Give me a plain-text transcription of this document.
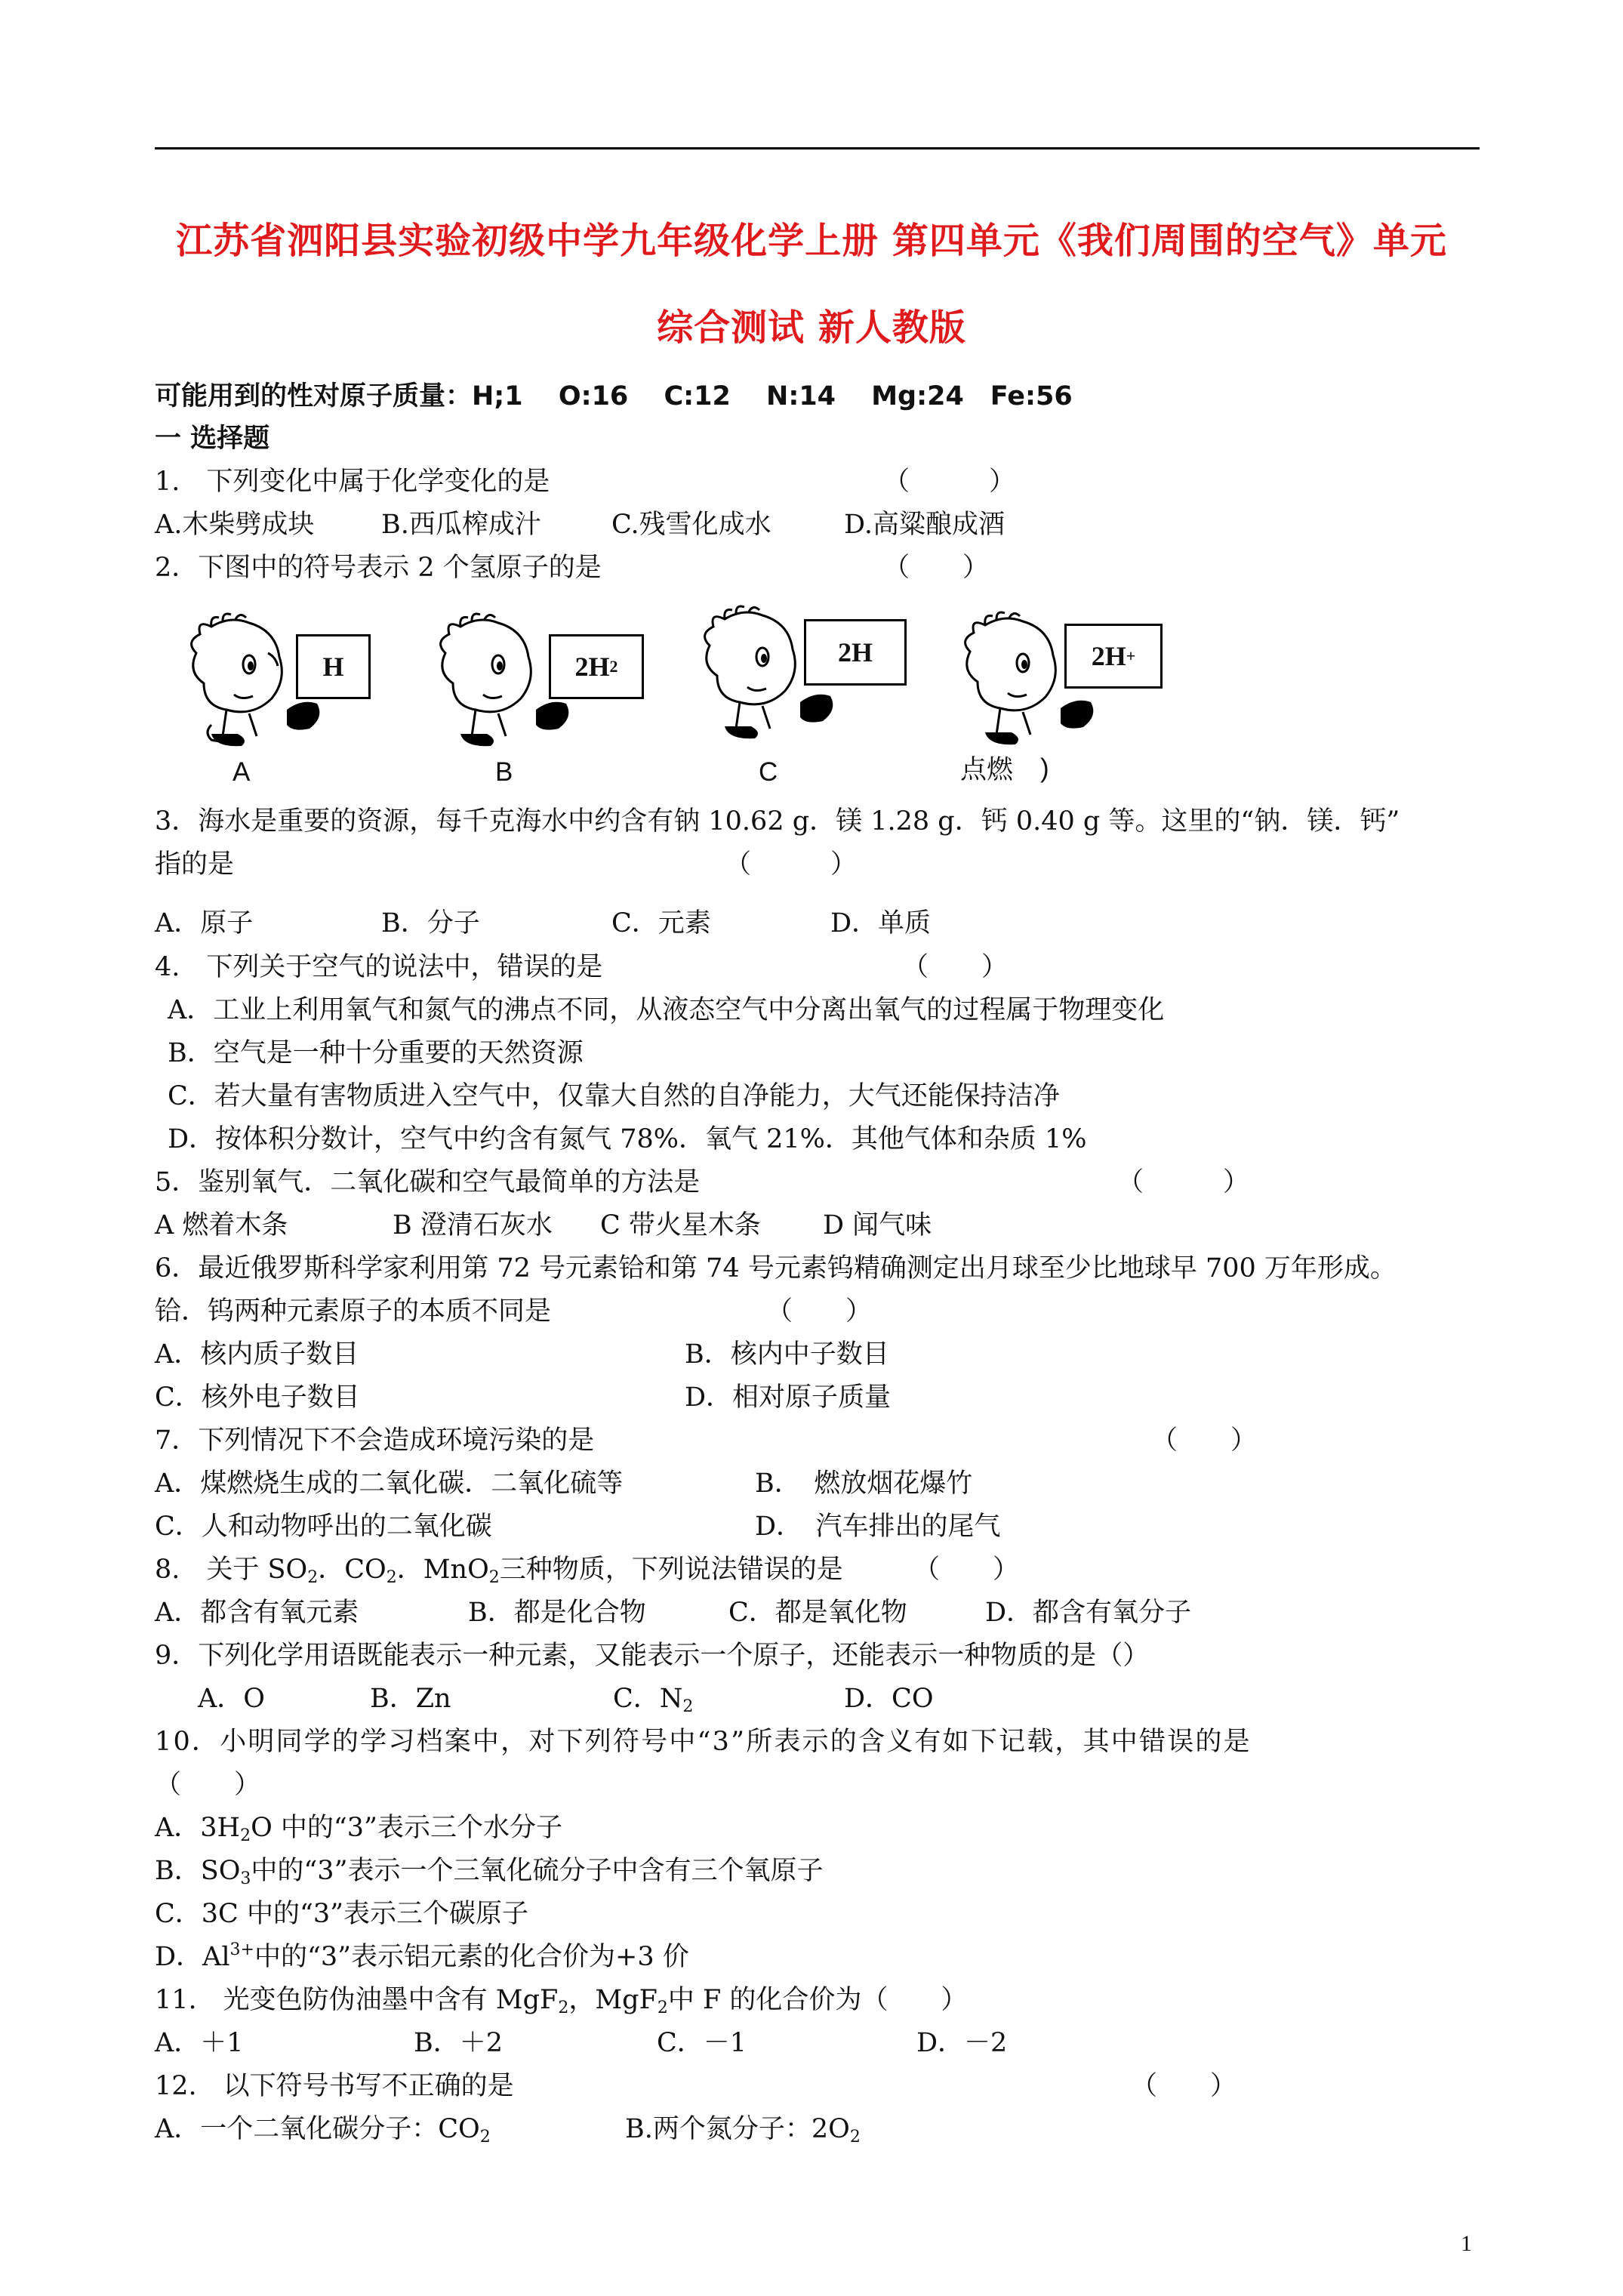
江苏省泗阳县实验初级中学九年级化学上册 第四单元《我们周围的空气》单元
综合测试 新人教版
可能用到的性对原子质量：H;1　 O:16　 C:12　 N:14　 Mg:24　Fe:56
一 选择题
1.　下列变化中属于化学变化的是	（　　　）
A.木柴劈成块	B.西瓜榨成汁	C.残雪化成水	D.高粱酿成酒
2．下图中的符号表示 2 个氢原子的是	（　　）
H	2H 2	2H	2H +
A	B	C	点燃 )
3．海水是重要的资源，每千克海水中约含有钠 10.62 g．镁 1.28 g．钙 0.40 g 等。这里的“钠．镁．钙”
指的是	（　　　）
A．原子	B．分子	C．元素	D．单质
4.　下列关于空气的说法中，错误的是	（　　）
A．工业上利用氧气和氮气的沸点不同，从液态空气中分离出氧气的过程属于物理变化
B．空气是一种十分重要的天然资源
C．若大量有害物质进入空气中，仅靠大自然的自净能力，大气还能保持洁净
D．按体积分数计，空气中约含有氮气 78%．氧气 21%．其他气体和杂质 1%
5．鉴别氧气．二氧化碳和空气最简单的方法是	（　　　）
A 燃着木条	B 澄清石灰水 C 带火星木条 D 闻气味
6．最近俄罗斯科学家利用第 72 号元素铪和第 74 号元素钨精确测定出月球至少比地球早 700 万年形成。
铪．钨两种元素原子的本质不同是	（　　）
A．核内质子数目	B．核内中子数目
C．核外电子数目	D．相对原子质量
7．下列情况下不会造成环境污染的是	（　　）
A．煤燃烧生成的二氧化碳．二氧化硫等	B．　燃放烟花爆竹
C．人和动物呼出的二氧化碳	D．　汽车排出的尾气
8.　关于 $SO_2$．$CO_2$．MnO$_2$三种物质，下列说法错误的是	（　　）
A．都含有氧元素	B．都是化合物	C．都是氧化物	D．都含有氧分子
9．下列化学用语既能表示一种元素，又能表示一个原子，还能表示一种物质的是（）
A．O	B．Zn	C．$N_2$	D．CO
10．小明同学的学习档案中，对下列符号中“3”所表示的含义有如下记载，其中错误的是
（　　）
A．$3H_2O$ 中的“3”表示三个水分子
B．$SO_3$中的“3”表示一个三氧化硫分子中含有三个氧原子
C．3C 中的“3”表示三个碳原子
D．$Al^{3+}$中的“3”表示铝元素的化合价为+3 价
11.　光变色防伪油墨中含有 MgF$_2$，MgF$_2$中 F 的化合价为（　　）
A．＋1	B．＋2	C．－1	D．－2
12.　以下符号书写不正确的是	（　　）
A．一个二氧化碳分子：$CO_2$	B.两个氮分子：$2O_2$
1
